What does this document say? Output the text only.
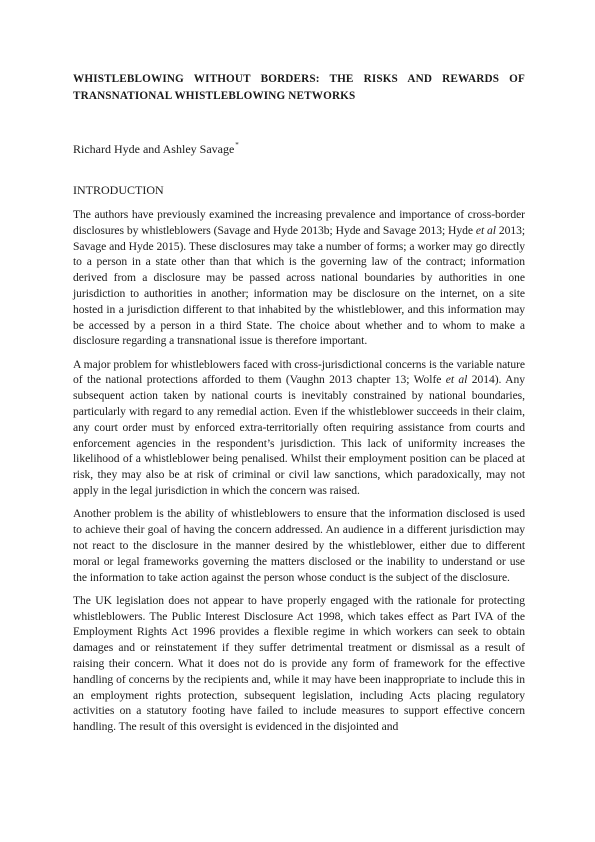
WHISTLEBLOWING WITHOUT BORDERS: THE RISKS AND REWARDS OF TRANSNATIONAL WHISTLEBLOWING NETWORKS
Richard Hyde and Ashley Savage*
INTRODUCTION

The authors have previously examined the increasing prevalence and importance of cross-border disclosures by whistleblowers (Savage and Hyde 2013b; Hyde and Savage 2013; Hyde et al 2013; Savage and Hyde 2015). These disclosures may take a number of forms; a worker may go directly to a person in a state other than that which is the governing law of the contract; information derived from a disclosure may be passed across national boundaries by authorities in one jurisdiction to authorities in another; information may be disclosure on the internet, on a site hosted in a jurisdiction different to that inhabited by the whistleblower, and this information may be accessed by a person in a third State. The choice about whether and to whom to make a disclosure regarding a transnational issue is therefore important.

A major problem for whistleblowers faced with cross-jurisdictional concerns is the variable nature of the national protections afforded to them (Vaughn 2013 chapter 13; Wolfe et al 2014). Any subsequent action taken by national courts is inevitably constrained by national boundaries, particularly with regard to any remedial action. Even if the whistleblower succeeds in their claim, any court order must by enforced extra-territorially often requiring assistance from courts and enforcement agencies in the respondent’s jurisdiction. This lack of uniformity increases the likelihood of a whistleblower being penalised. Whilst their employment position can be placed at risk, they may also be at risk of criminal or civil law sanctions, which paradoxically, may not apply in the legal jurisdiction in which the concern was raised.

Another problem is the ability of whistleblowers to ensure that the information disclosed is used to achieve their goal of having the concern addressed. An audience in a different jurisdiction may not react to the disclosure in the manner desired by the whistleblower, either due to different moral or legal frameworks governing the matters disclosed or the inability to understand or use the information to take action against the person whose conduct is the subject of the disclosure.

The UK legislation does not appear to have properly engaged with the rationale for protecting whistleblowers. The Public Interest Disclosure Act 1998, which takes effect as Part IVA of the Employment Rights Act 1996 provides a flexible regime in which workers can seek to obtain damages and or reinstatement if they suffer detrimental treatment or dismissal as a result of raising their concern. What it does not do is provide any form of framework for the effective handling of concerns by the recipients and, while it may have been inappropriate to include this in an employment rights protection, subsequent legislation, including Acts placing regulatory activities on a statutory footing have failed to include measures to support effective concern handling. The result of this oversight is evidenced in the disjointed and
